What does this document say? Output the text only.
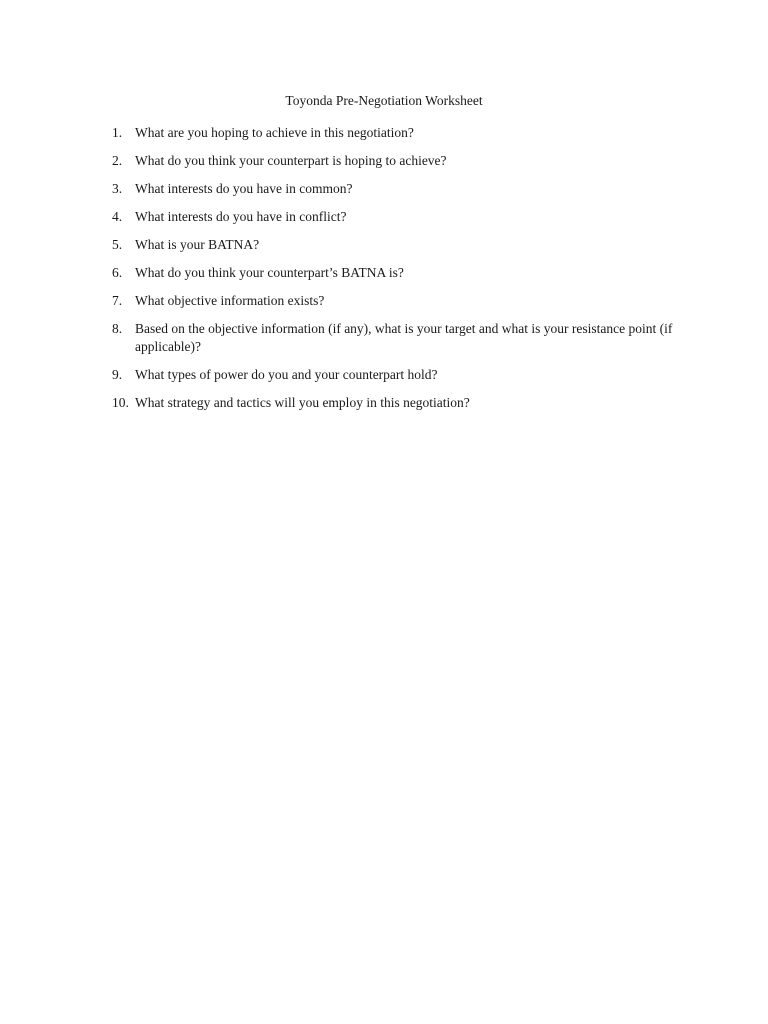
Toyonda Pre-Negotiation Worksheet
1. What are you hoping to achieve in this negotiation?
2. What do you think your counterpart is hoping to achieve?
3. What interests do you have in common?
4. What interests do you have in conflict?
5. What is your BATNA?
6. What do you think your counterpart’s BATNA is?
7. What objective information exists?
8. Based on the objective information (if any), what is your target and what is your resistance point (if applicable)?
9. What types of power do you and your counterpart hold?
10. What strategy and tactics will you employ in this negotiation?
